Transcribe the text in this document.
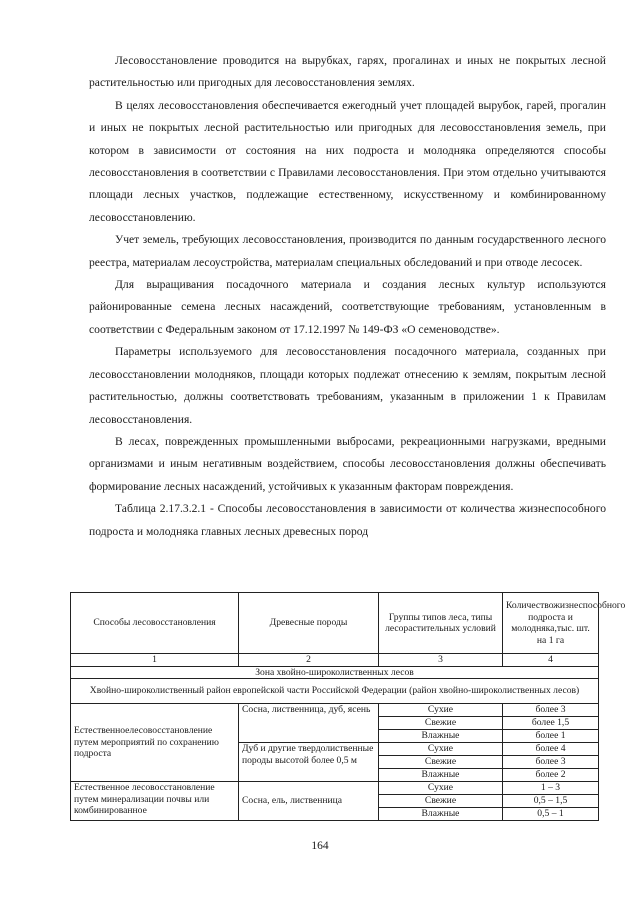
Лесовосстановление проводится на вырубках, гарях, прогалинах и иных не покрытых лесной растительностью или пригодных для лесовосстановления землях.

В целях лесовосстановления обеспечивается ежегодный учет площадей вырубок, гарей, прогалин и иных не покрытых лесной растительностью или пригодных для лесовосстановления земель, при котором в зависимости от состояния на них подроста и молодняка определяются способы лесовосстановления в соответствии с Правилами лесовосстановления. При этом отдельно учитываются площади лесных участков, подлежащие естественному, искусственному и комбинированному лесовосстановлению.

Учет земель, требующих лесовосстановления, производится по данным государственного лесного реестра, материалам лесоустройства, материалам специальных обследований и при отводе лесосек.

Для выращивания посадочного материала и создания лесных культур используются районированные семена лесных насаждений, соответствующие требованиям, установленным в соответствии с Федеральным законом от 17.12.1997 № 149-ФЗ «О семеноводстве».

Параметры используемого для лесовосстановления посадочного материала, созданных при лесовосстановлении молодняков, площади которых подлежат отнесению к землям, покрытым лесной растительностью, должны соответствовать требованиям, указанным в приложении 1 к Правилам лесовосстановления.

В лесах, поврежденных промышленными выбросами, рекреационными нагрузками, вредными организмами и иным негативным воздействием, способы лесовосстановления должны обеспечивать формирование лесных насаждений, устойчивых к указанным факторам повреждения.

Таблица 2.17.3.2.1 - Способы лесовосстановления в зависимости от количества жизнеспособного подроста и молодняка главных лесных древесных пород

Способы лесовосстановления	Древесные породы	Группы типов леса, типы лесорастительных условий	Количествожизнеспособного подроста и молодняка,тыс. шт. на 1 га
1	2	3	4
Зона хвойно-широколиственных лесов			
Хвойно-широколиственный район европейской части Российской Федерации (район хвойно-широколиственных лесов)			
Естественноелесовосстановление путем мероприятий по сохранению подроста	Сосна, лиственница, дуб, ясень	Сухие	более 3
		Свежие	более 1,5
		Влажные	более 1
	Дуб и другие твердолиственные породы высотой более 0,5 м	Сухие	более 4
		Свежие	более 3
		Влажные	более 2
Естественное лесовосстановление путем минерализации почвы или комбинированное	Сосна, ель, лиственница	Сухие	1 – 3
		Свежие	0,5 – 1,5
		Влажные	0,5 – 1
164
